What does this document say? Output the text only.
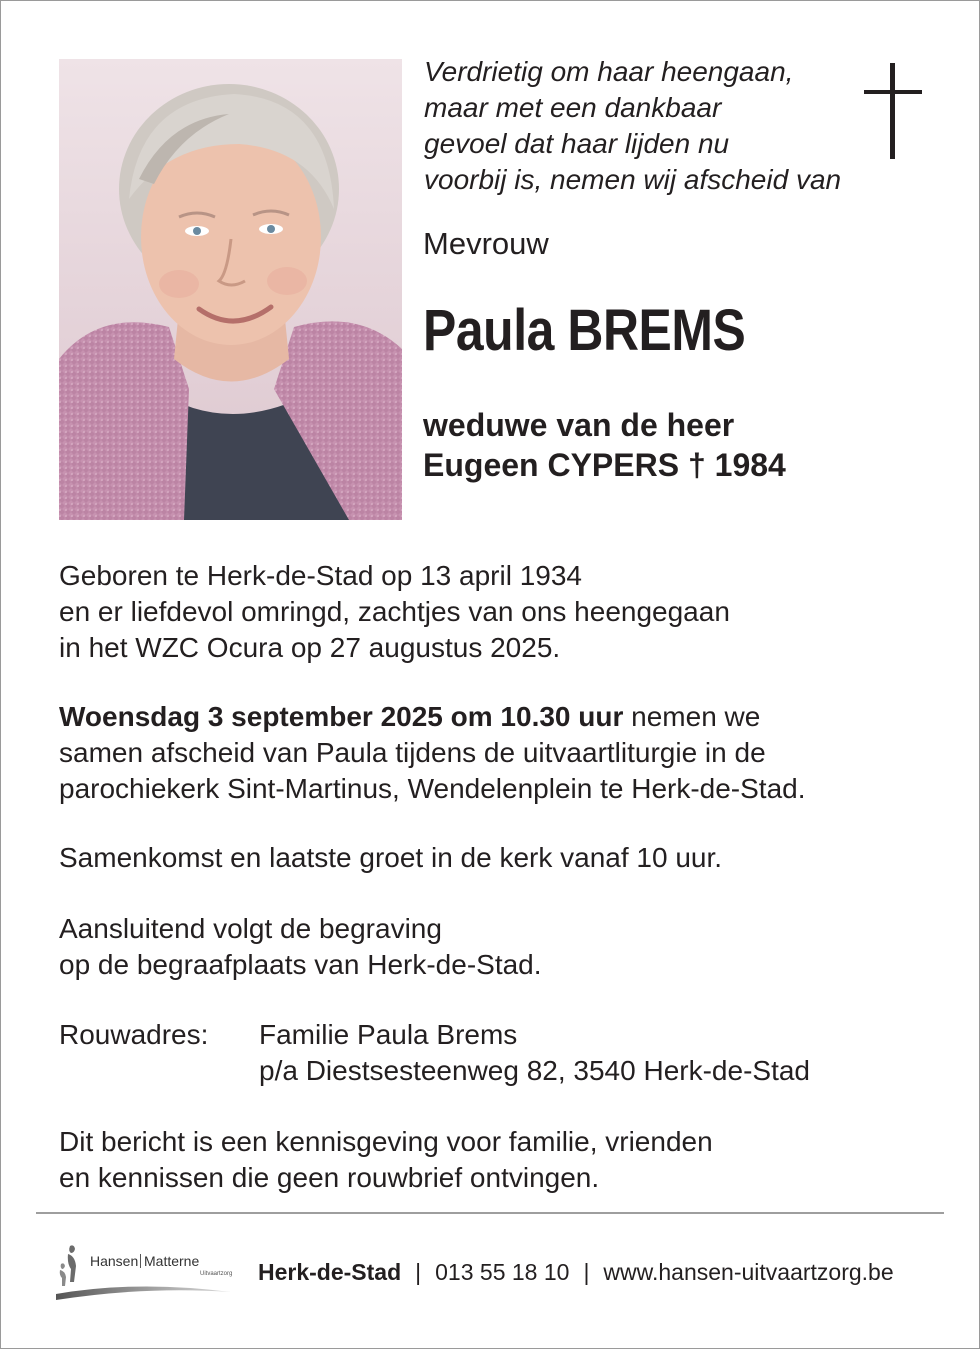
Verdrietig om haar heengaan,
maar met een dankbaar
gevoel dat haar lijden nu
voorbij is, nemen wij afscheid van
Mevrouw
Paula BREMS
weduwe van de heer
Eugeen CYPERS † 1984
Geboren te Herk-de-Stad op 13 april 1934
en er liefdevol omringd, zachtjes van ons heengegaan
in het WZC Ocura op 27 augustus 2025.
Woensdag 3 september 2025 om 10.30 uur nemen we
samen afscheid van Paula tijdens de uitvaartliturgie in de
parochiekerk Sint-Martinus, Wendelenplein te Herk-de-Stad.
Samenkomst en laatste groet in de kerk vanaf 10 uur.
Aansluitend volgt de begraving
op de begraafplaats van Herk-de-Stad.
Rouwadres: Familie Paula Brems
p/a Diestsesteenweg 82, 3540 Herk-de-Stad
Dit bericht is een kennisgeving voor familie, vrienden
en kennissen die geen rouwbrief ontvingen.
Hansen Matterne
Uitvaartzorg Herk-de-Stad | 013 55 18 10 | www.hansen-uitvaartzorg.be
